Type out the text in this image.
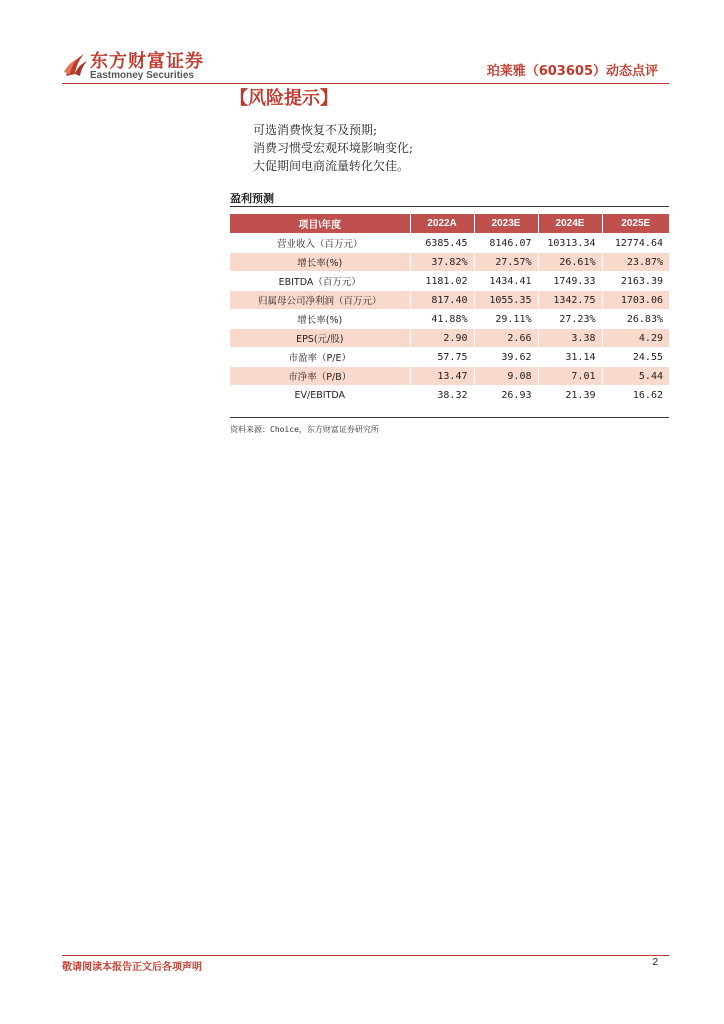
东方财富证券
Eastmoney Securities	珀莱雅（603605）动态点评
【风险提示】
可选消费恢复不及预期;
消费习惯受宏观环境影响变化;
大促期间电商流量转化欠佳。
盈利预测
项目\年度	2022A	2023E	2024E	2025E
营业收入（百万元）	6385.45	8146.07	10313.34	12774.64
增长率(%)	37.82%	27.57%	26.61%	23.87%
EBITDA（百万元）	1181.02	1434.41	1749.33	2163.39
归属母公司净利润（百万元）	817.40	1055.35	1342.75	1703.06
增长率(%)	41.88%	29.11%	27.23%	26.83%
EPS(元/股)	2.90	2.66	3.38	4.29
市盈率（P/E）	57.75	39.62	31.14	24.55
市净率（P/B）	13.47	9.08	7.01	5.44
EV/EBITDA	38.32	26.93	21.39	16.62
资料来源：Choice，东方财富证券研究所
敬请阅读本报告正文后各项声明	2
